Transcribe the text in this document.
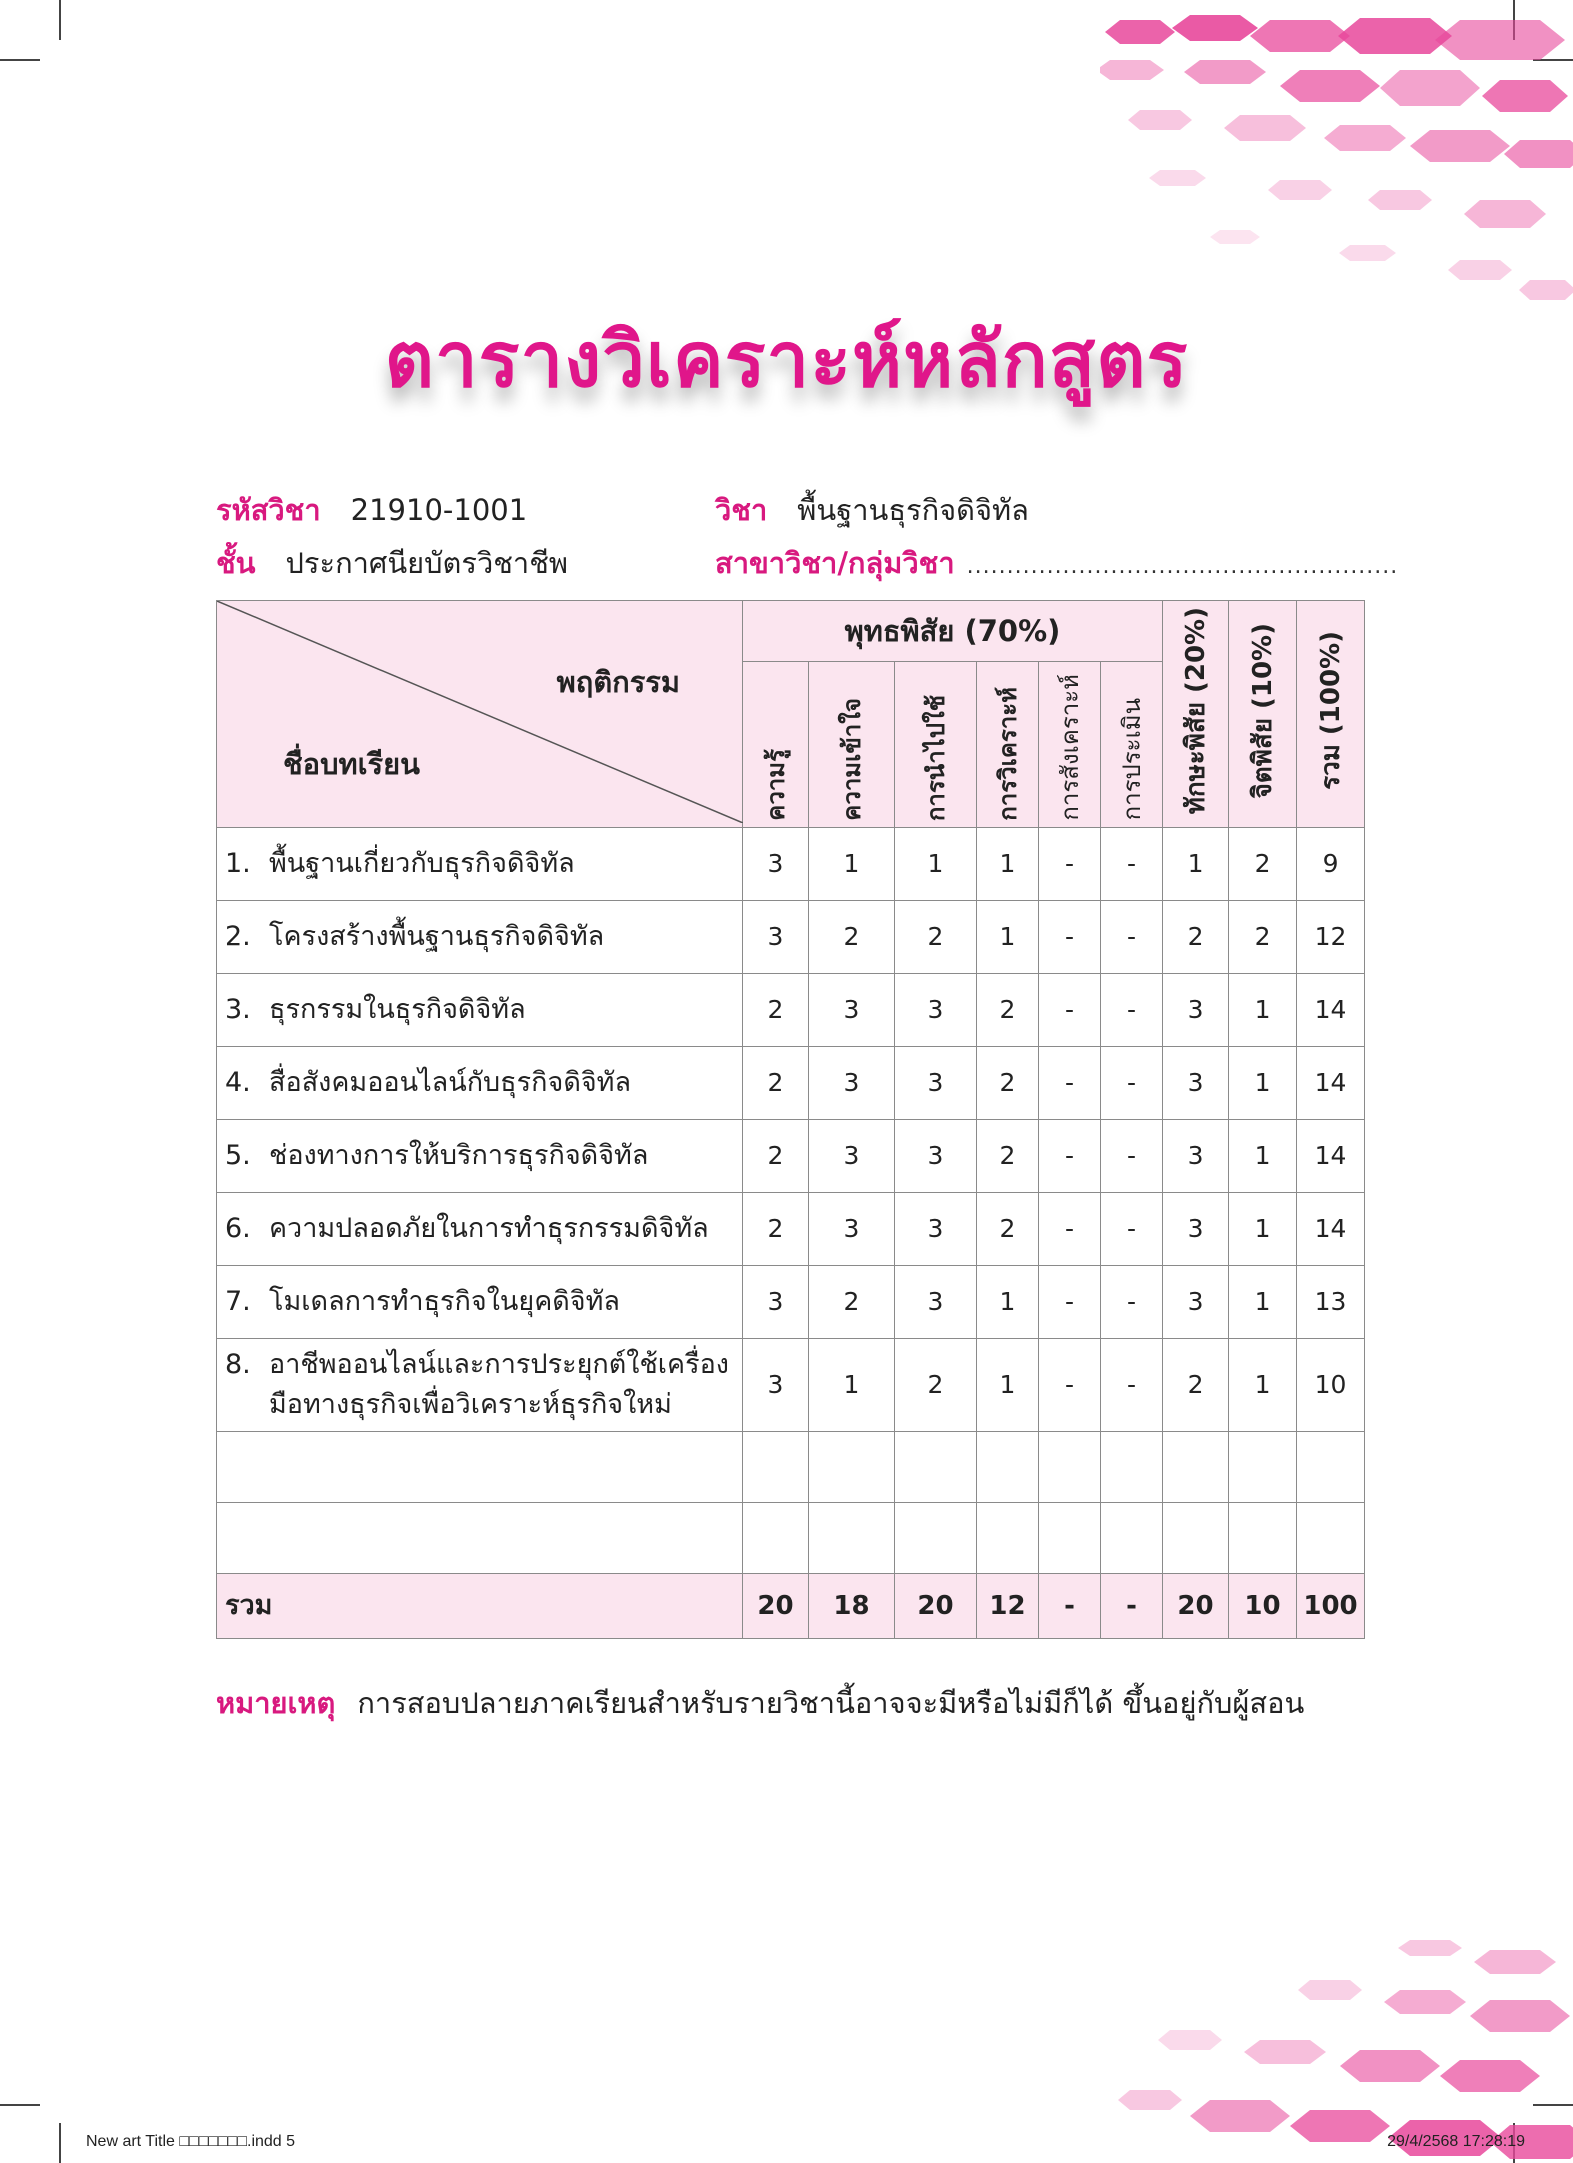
ตารางวิเคราะห์หลักสูตร
รหัสวิชา 21910-1001	วิชา พื้นฐานธุรกิจดิจิทัล
ชั้น ประกาศนียบัตรวิชาชีพ	สาขาวิชา/กลุ่มวิชา ......................................................
พฤติกรรม
ชื่อบทเรียน	พุทธพิสัย (70%)						ทักษะพิสัย (20%)	จิตพิสัย (10%)	รวม (100%)
	ความรู้	ความเข้าใจ	การนำไปใช้	การวิเคราะห์	การสังเคราะห์	การประเมิน			
1. พื้นฐานเกี่ยวกับธุรกิจดิจิทัล	3	1	1	1	-	-	1	2	9
2. โครงสร้างพื้นฐานธุรกิจดิจิทัล	3	2	2	1	-	-	2	2	12
3. ธุรกรรมในธุรกิจดิจิทัล	2	3	3	2	-	-	3	1	14
4. สื่อสังคมออนไลน์กับธุรกิจดิจิทัล	2	3	3	2	-	-	3	1	14
5. ช่องทางการให้บริการธุรกิจดิจิทัล	2	3	3	2	-	-	3	1	14
6. ความปลอดภัยในการทำธุรกรรมดิจิทัล	2	3	3	2	-	-	3	1	14
7. โมเดลการทำธุรกิจในยุคดิจิทัล	3	2	3	1	-	-	3	1	13
8. อาชีพออนไลน์และการประยุกต์ใช้เครื่องมือทางธุรกิจเพื่อวิเคราะห์ธุรกิจใหม่	3	1	2	1	-	-	2	1	10

รวม	20	18	20	12	-	-	20	10	100
หมายเหตุ การสอบปลายภาคเรียนสำหรับรายวิชานี้อาจจะมีหรือไม่มีก็ได้ ขึ้นอยู่กับผู้สอน
New art Title □□□□□□□.indd 5	29/4/2568 17:28:19
